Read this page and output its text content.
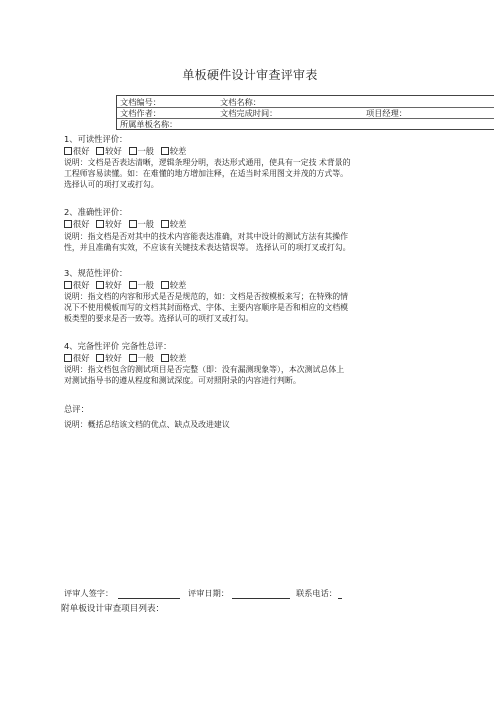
单板硬件设计审查评审表
文档编号：	文档名称：
文档作者：	文档完成时间：	项目经理：
所属单板名称：
1、可读性评价：
很好 较好 一般 较差
说明：文档是否表达清晰，逻辑条理分明，表达形式通用，使具有一定技 术背景的
工程师容易读懂。如：在难懂的地方增加注释，在适当时采用图文并茂的方式等。
选择认可的项打叉或打勾。
2、准确性评价：
很好 较好 一般 较差
说明：指文档是否对其中的技术内容能表达准确，对其中设计的测试方法有其操作
性，并且准确有实效，不应该有关键技术表达错误等。 选择认可的项打叉或打勾。
3、规范性评价：
很好 较好 一般 较差
说明：指文档的内容和形式是否是规范的，如：文档是否按模板来写；在特殊的情
况下不使用模板而写的文档其封面格式、字体、主要内容顺序是否和相应的文档模
板类型的要求是否一致等。选择认可的项打叉或打勾。
4、完备性评价 完备性总评：
很好 较好 一般 较差
说明：指文档包含的测试项目是否完整（即：没有漏测现象等），本次测试总体上
对测试指导书的遵从程度和测试深度。可对照附录的内容进行判断。
总评：
说明：概括总结该文档的优点、缺点及改进建议
评审人签字：	评审日期：	联系电话：
附单板设计审查项目列表：
